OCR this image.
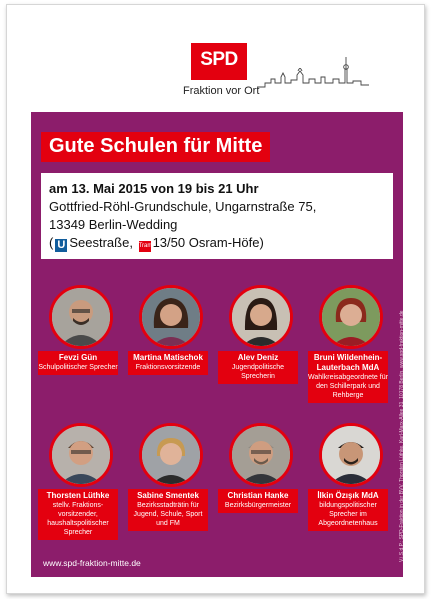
SPD
Fraktion vor Ort
Gute Schulen für Mitte
am 13. Mai 2015 von 19 bis 21 Uhr
Gottfried-Röhl-Grundschule, Ungarnstraße 75,
13349 Berlin-Wedding
( U Seestraße, Tram13/50 Osram-Höfe)
Fevzi Gün
Schulpolitischer Sprecher
Martina Matischok
Fraktionsvorsitzende
Alev Deniz
Jugendpolitische Sprecherin
Bruni Wildenhein-Lauterbach MdA
Wahlkreisabgeordnete für den Schillerpark und Rehberge
Thorsten Lüthke
stellv. Fraktions-vorsitzender, haushaltspolitischer Sprecher
Sabine Smentek
Bezirksstadträtin für Jugend, Schule, Sport und FM
Christian Hanke
Bezirksbürgermeister
İlkin Özışık MdA
bildungspolitischer Sprecher im Abgeordnetenhaus
www.spd-fraktion-mitte.de
V.i.S.d.P.: SPD-Fraktion in der BVV, Thorsten Lüthke, Karl-Marx-Allee 31, 10178 Berlin, www.spd-fraktion-mitte.de
